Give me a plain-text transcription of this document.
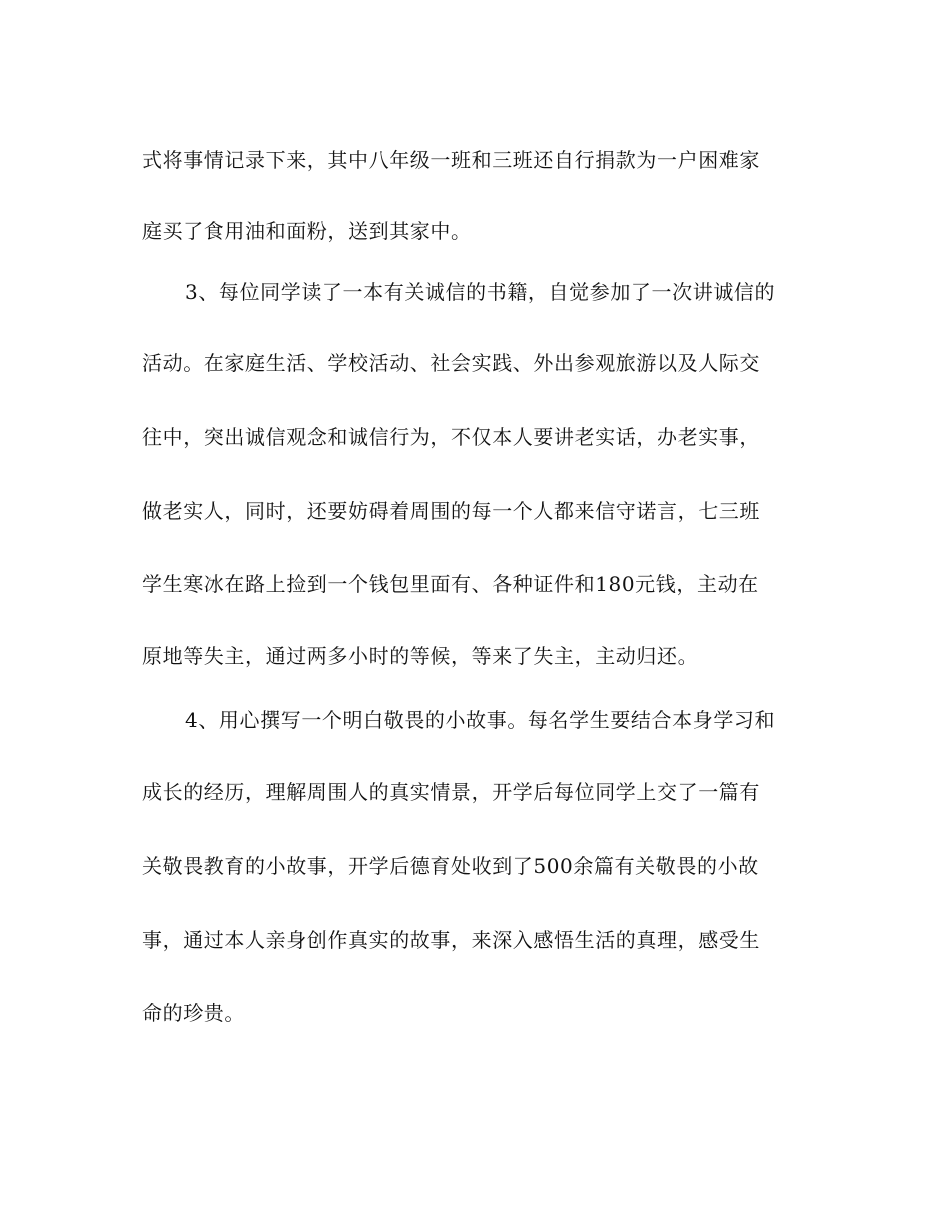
式将事情记录下来，其中八年级一班和三班还自行捐款为一户困难家
庭买了食用油和面粉，送到其家中。
3、每位同学读了一本有关诚信的书籍，自觉参加了一次讲诚信的
活动。在家庭生活、学校活动、社会实践、外出参观旅游以及人际交
往中，突出诚信观念和诚信行为，不仅本人要讲老实话，办老实事，
做老实人，同时，还要妨碍着周围的每一个人都来信守诺言，七三班
学生寒冰在路上捡到一个钱包里面有、各种证件和180元钱，主动在
原地等失主，通过两多小时的等候，等来了失主，主动归还。
4、用心撰写一个明白敬畏的小故事。每名学生要结合本身学习和
成长的经历，理解周围人的真实情景，开学后每位同学上交了一篇有
关敬畏教育的小故事，开学后德育处收到了500余篇有关敬畏的小故
事，通过本人亲身创作真实的故事，来深入感悟生活的真理，感受生
命的珍贵。
